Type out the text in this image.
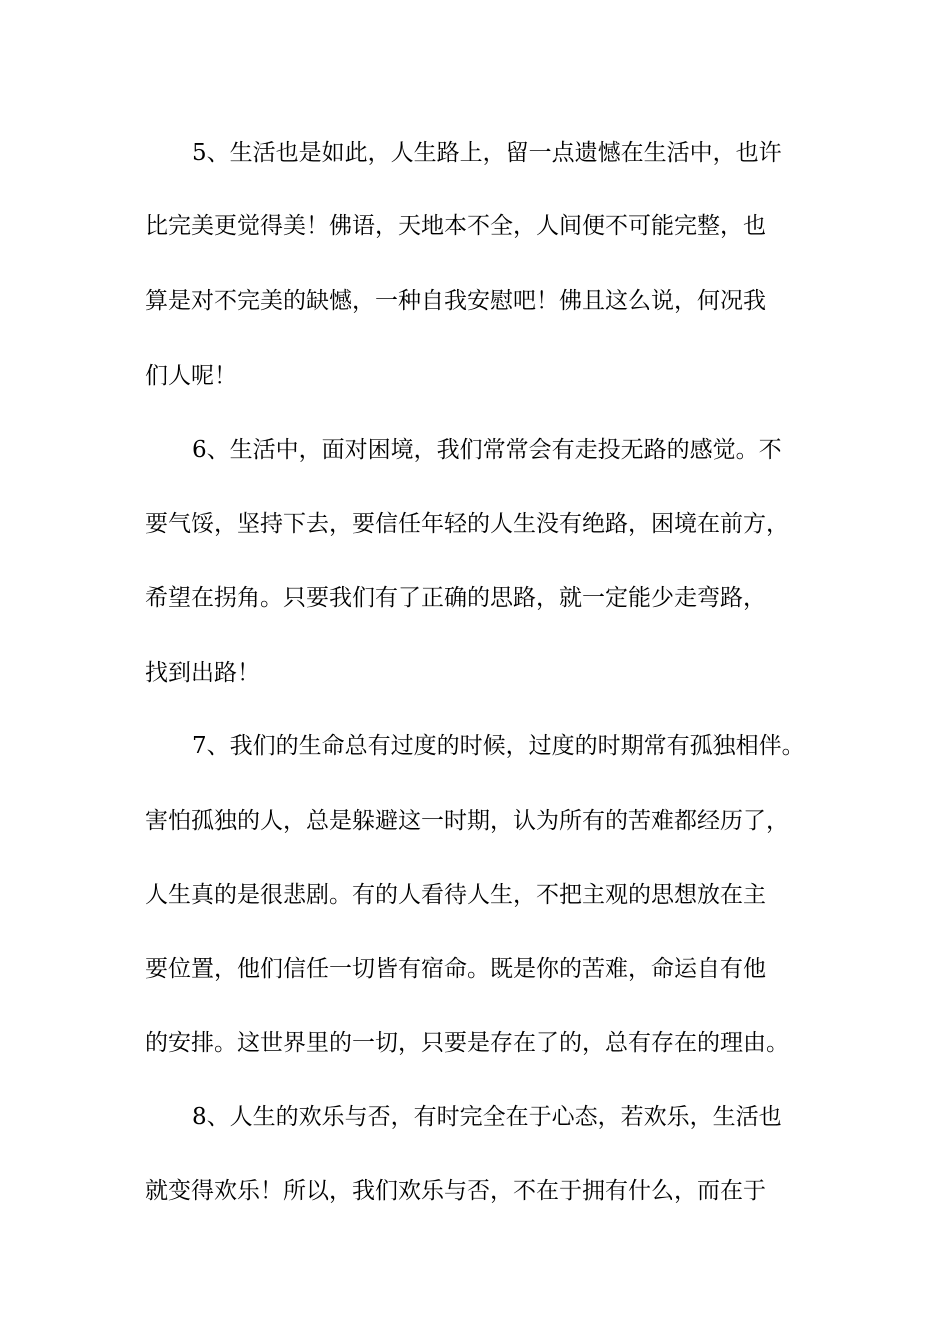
5、生活也是如此，人生路上，留一点遗憾在生活中，也许
比完美更觉得美！佛语，天地本不全，人间便不可能完整，也
算是对不完美的缺憾，一种自我安慰吧！佛且这么说，何况我
们人呢！
6、生活中，面对困境，我们常常会有走投无路的感觉。不
要气馁，坚持下去，要信任年轻的人生没有绝路，困境在前方，
希望在拐角。只要我们有了正确的思路，就一定能少走弯路，
找到出路！
7、我们的生命总有过度的时候，过度的时期常有孤独相伴。
害怕孤独的人，总是躲避这一时期，认为所有的苦难都经历了，
人生真的是很悲剧。有的人看待人生，不把主观的思想放在主
要位置，他们信任一切皆有宿命。既是你的苦难，命运自有他
的安排。这世界里的一切，只要是存在了的，总有存在的理由。
8、人生的欢乐与否，有时完全在于心态，若欢乐，生活也
就变得欢乐！所以，我们欢乐与否，不在于拥有什么，而在于
